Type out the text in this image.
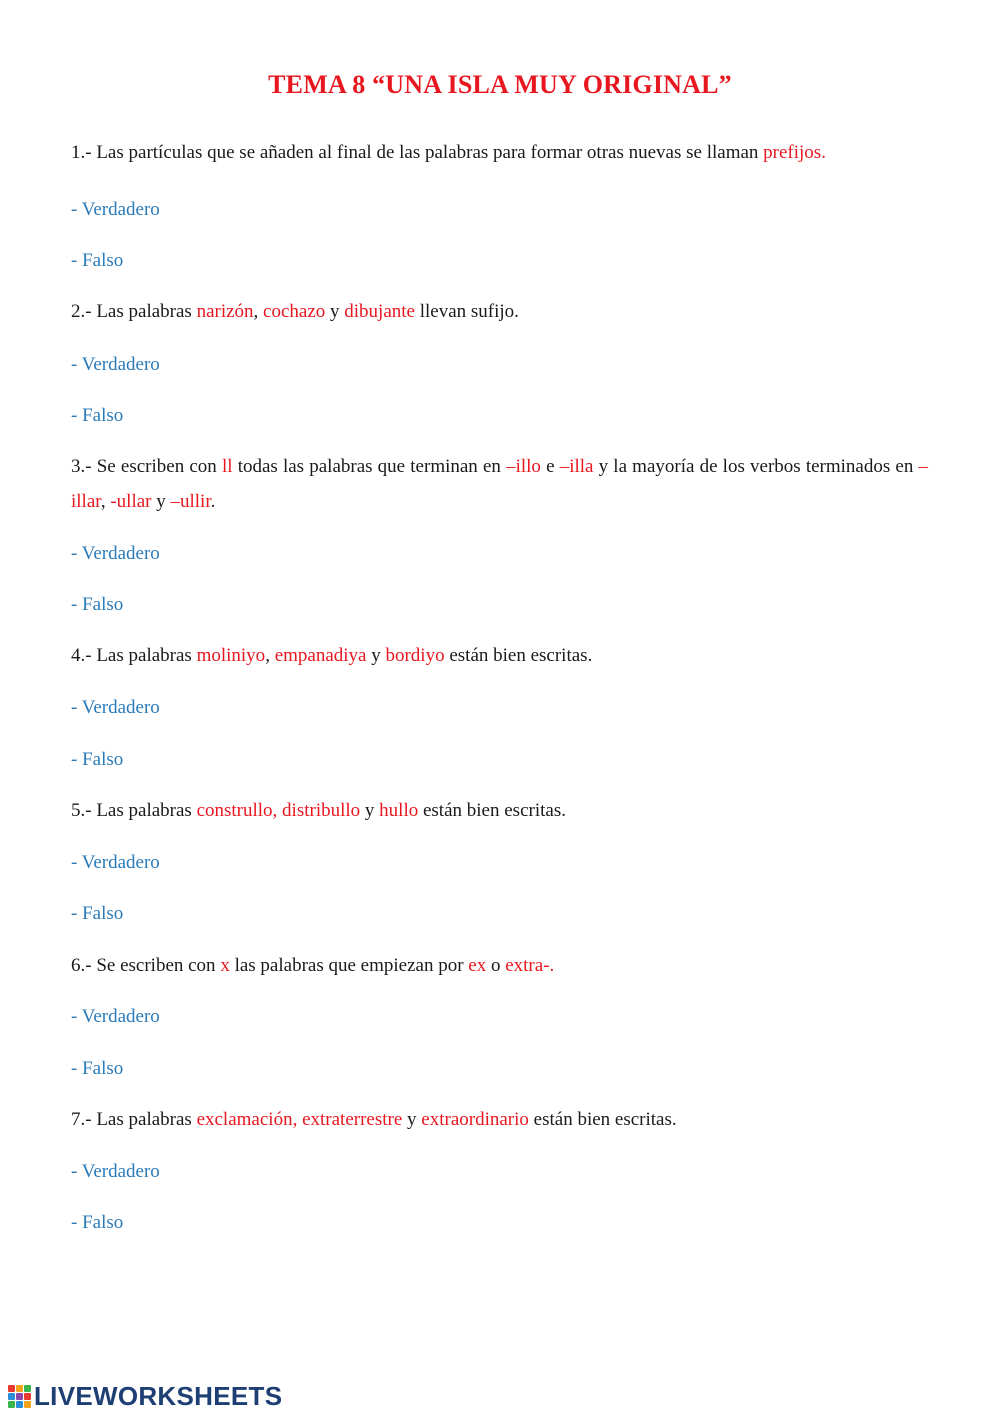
TEMA 8 “UNA ISLA MUY ORIGINAL”
1.- Las partículas que se añaden al final de las palabras para formar otras nuevas se llaman prefijos.
- Verdadero
- Falso
2.- Las palabras narizón, cochazo y dibujante llevan sufijo.
- Verdadero
- Falso
3.- Se escriben con ll todas las palabras que terminan en –illo e –illa y la mayoría de los verbos terminados en –illar, -ullar y –ullir.
- Verdadero
- Falso
4.- Las palabras moliniyo, empanadiya y bordiyo están bien escritas.
- Verdadero
- Falso
5.- Las palabras construllo, distribullo y hullo están bien escritas.
- Verdadero
- Falso
6.- Se escriben con x las palabras que empiezan por ex o extra-.
- Verdadero
- Falso
7.- Las palabras exclamación, extraterrestre y extraordinario están bien escritas.
- Verdadero
- Falso
LIVEWORKSHEETS
